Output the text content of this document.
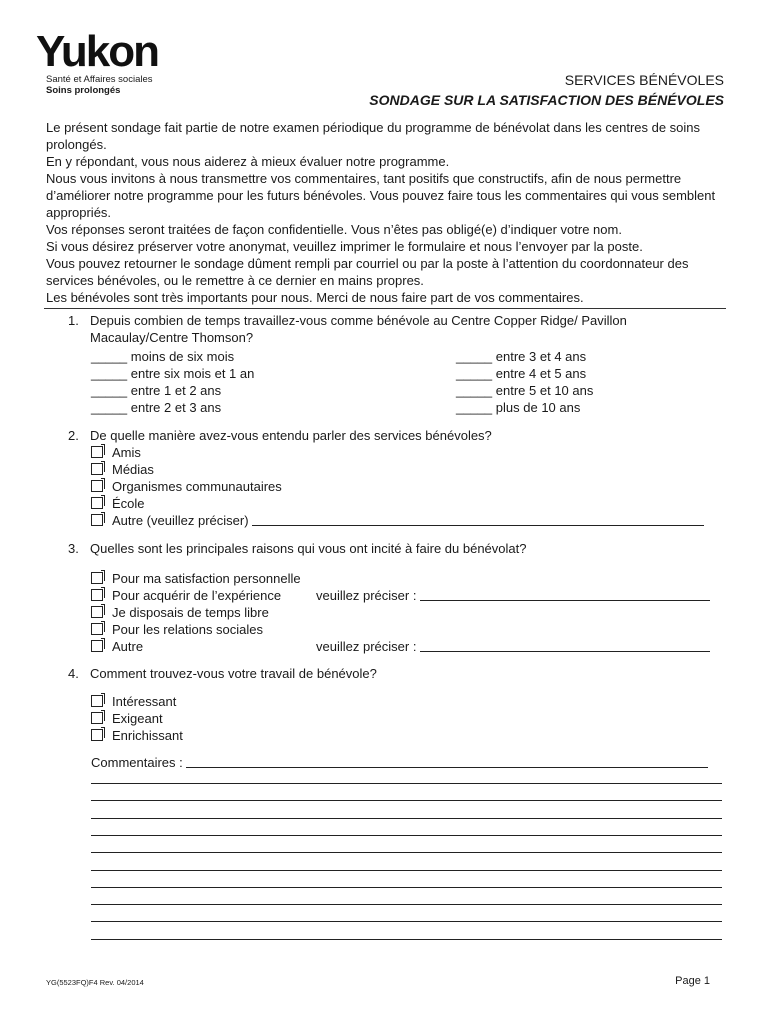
Yukon
Santé et Affaires sociales
Soins prolongés
SERVICES BÉNÉVOLES
SONDAGE SUR LA SATISFACTION DES BÉNÉVOLES

Le présent sondage fait partie de notre examen périodique du programme de bénévolat dans les centres de soins prolongés.

En y répondant, vous nous aiderez à mieux évaluer notre programme.

Nous vous invitons à nous transmettre vos commentaires, tant positifs que constructifs, afin de nous permettre d’améliorer notre programme pour les futurs bénévoles. Vous pouvez faire tous les commentaires qui vous semblent appropriés.

Vos réponses seront traitées de façon confidentielle. Vous n’êtes pas obligé(e) d’indiquer votre nom.

Si vous désirez préserver votre anonymat, veuillez imprimer le formulaire et nous l’envoyer par la poste.

Vous pouvez retourner le sondage dûment rempli par courriel ou par la poste à l’attention du coordonnateur des services bénévoles, ou le remettre à ce dernier en mains propres.

Les bénévoles sont très importants pour nous. Merci de nous faire part de vos commentaires.

1. Depuis combien de temps travaillez-vous comme bénévole au Centre Copper Ridge/ Pavillon Macaulay/Centre Thomson?
_____ moins de six mois
_____ entre six mois et 1 an
_____ entre 1 et 2 ans
_____ entre 2 et 3 ans
_____ entre 3 et 4 ans
_____ entre 4 et 5 ans
_____ entre 5 et 10 ans
_____ plus de 10 ans
2. De quelle manière avez-vous entendu parler des services bénévoles?
Amis
Médias
Organismes communautaires
École
Autre (veuillez préciser)
3. Quelles sont les principales raisons qui vous ont incité à faire du bénévolat?
Pour ma satisfaction personnelle
Pour acquérir de l’expérience	veuillez préciser :
Je disposais de temps libre
Pour les relations sociales
Autre	veuillez préciser :
4. Comment trouvez-vous votre travail de bénévole?
Intéressant
Exigeant
Enrichissant
Commentaires :
YG(5523FQ)F4 Rev. 04/2014	Page 1
